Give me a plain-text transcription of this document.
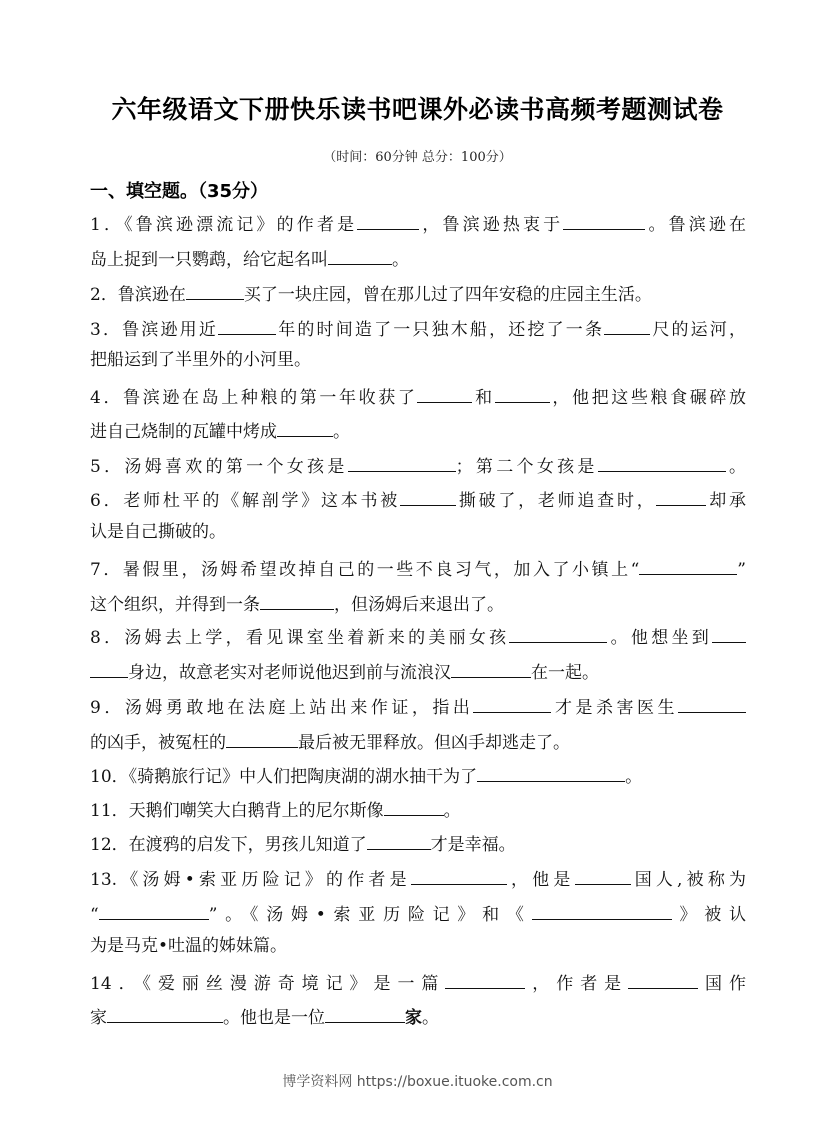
六年级语文下册快乐读书吧课外必读书高频考题测试卷
（时间：60分钟 总分：100分）
一、填空题。（35分）
1．《鲁滨逊漂流记》的作者是	，鲁滨逊热衷于	。鲁滨逊在
岛上捉到一只鹦鹉，给它起名叫	。
2．鲁滨逊在	买了一块庄园，曾在那儿过了四年安稳的庄园主生活。
3．鲁滨逊用近	年的时间造了一只独木船，还挖了一条	尺的运河，
把船运到了半里外的小河里。
4．鲁滨逊在岛上种粮的第一年收获了	和	，他把这些粮食碾碎放
进自己烧制的瓦罐中烤成	。
5．汤姆喜欢的第一个女孩是	；第二个女孩是	。
6．老师杜平的《解剖学》这本书被	撕破了，老师追查时，	却承
认是自己撕破的。
7．暑假里，汤姆希望改掉自己的一些不良习气，加入了小镇上“	”
这个组织，并得到一条	，但汤姆后来退出了。
8．汤姆去上学，看见课室坐着新来的美丽女孩	。他想坐到
身边，故意老实对老师说他迟到前与流浪汉	在一起。
9．汤姆勇敢地在法庭上站出来作证，指出	才是杀害医生
的凶手，被冤枉的	最后被无罪释放。但凶手却逃走了。
10．《骑鹅旅行记》中人们把陶庚湖的湖水抽干为了	。
11．天鹅们嘲笑大白鹅背上的尼尔斯像	。
12．在渡鸦的启发下，男孩儿知道了	才是幸福。
13.《汤姆•索亚历险记》的作者是	，他是	国人,被称为
“	”。《汤姆•索亚历险记》和《	》被认
为是马克•吐温的姊妹篇。
14．《爱丽丝漫游奇境记》是一篇	，作者是	国作
家	。他也是一位	家。
博学资料网 https://boxue.ituoke.com.cn
